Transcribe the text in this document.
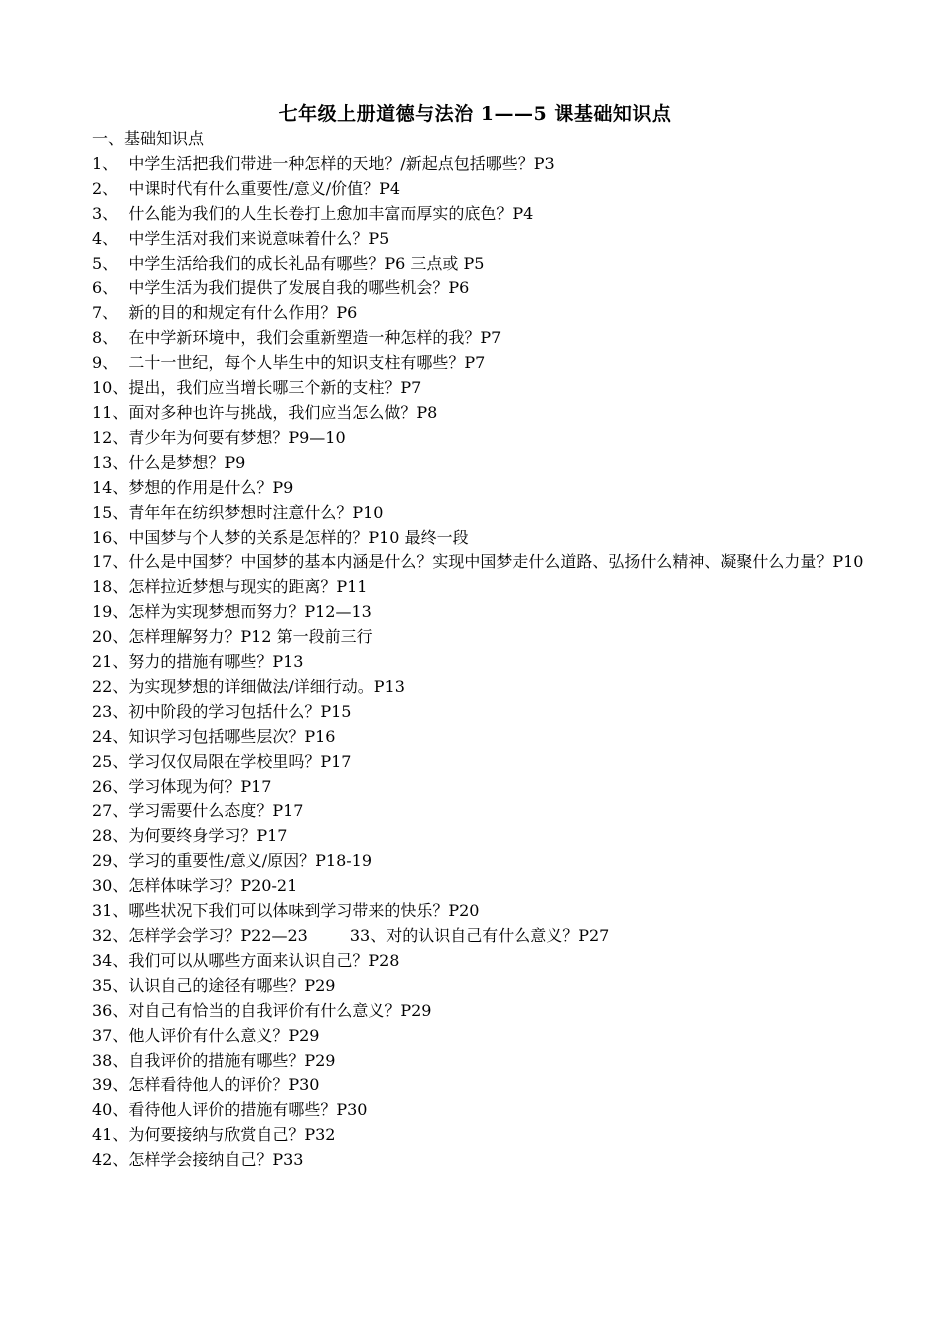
七年级上册道德与法治 1——5 课基础知识点
一、基础知识点
1、  中学生活把我们带进一种怎样的天地？/新起点包括哪些？P3
2、  中课时代有什么重要性/意义/价值？P4
3、  什么能为我们的人生长卷打上愈加丰富而厚实的底色？P4
4、  中学生活对我们来说意味着什么？P5
5、  中学生活给我们的成长礼品有哪些？P6 三点或 P5
6、  中学生活为我们提供了发展自我的哪些机会？P6
7、  新的目的和规定有什么作用？P6
8、  在中学新环境中，我们会重新塑造一种怎样的我？P7
9、  二十一世纪，每个人毕生中的知识支柱有哪些？P7
10、提出，我们应当增长哪三个新的支柱？P7
11、面对多种也许与挑战，我们应当怎么做？P8
12、青少年为何要有梦想？P9—10
13、什么是梦想？P9
14、梦想的作用是什么？P9
15、青年年在纺织梦想时注意什么？P10
16、中国梦与个人梦的关系是怎样的？P10 最终一段
17、什么是中国梦？中国梦的基本内涵是什么？实现中国梦走什么道路、弘扬什么精神、凝聚什么力量？P10
18、怎样拉近梦想与现实的距离？P11
19、怎样为实现梦想而努力？P12—13
20、怎样理解努力？P12 第一段前三行
21、努力的措施有哪些？P13
22、为实现梦想的详细做法/详细行动。P13
23、初中阶段的学习包括什么？P15
24、知识学习包括哪些层次？P16
25、学习仅仅局限在学校里吗？P17
26、学习体现为何？P17
27、学习需要什么态度？P17
28、为何要终身学习？P17
29、学习的重要性/意义/原因？P18-19
30、怎样体味学习？P20-21
31、哪些状况下我们可以体味到学习带来的快乐？P20
32、怎样学会学习？P22—23	33、对的认识自己有什么意义？P27
34、我们可以从哪些方面来认识自己？P28
35、认识自己的途径有哪些？P29
36、对自己有恰当的自我评价有什么意义？P29
37、他人评价有什么意义？P29
38、自我评价的措施有哪些？P29
39、怎样看待他人的评价？P30
40、看待他人评价的措施有哪些？P30
41、为何要接纳与欣赏自己？P32
42、怎样学会接纳自己？P33
